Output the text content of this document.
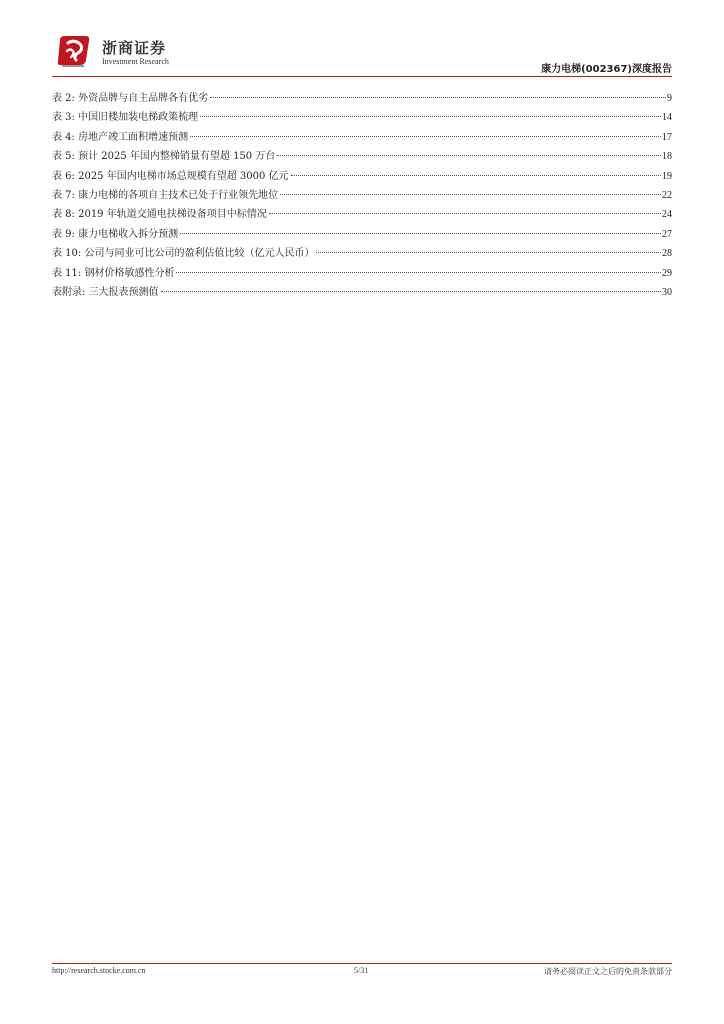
浙商证券
Investment Research
康力电梯(002367)深度报告
表 2: 外资品牌与自主品牌各有优劣	9
表 3: 中国旧楼加装电梯政策梳理	14
表 4: 房地产竣工面积增速预测	17
表 5: 预计 2025 年国内整梯销量有望超 150 万台	18
表 6: 2025 年国内电梯市场总规模有望超 3000 亿元	19
表 7: 康力电梯的各项自主技术已处于行业领先地位	22
表 8: 2019 年轨道交通电扶梯设备项目中标情况	24
表 9: 康力电梯收入拆分预测	27
表 10: 公司与同业可比公司的盈利估值比较（亿元人民币）	28
表 11: 钢材价格敏感性分析	29
表附录: 三大报表预测值	30
http://research.stocke.com.cn	5/31	请务必阅读正文之后的免责条款部分
